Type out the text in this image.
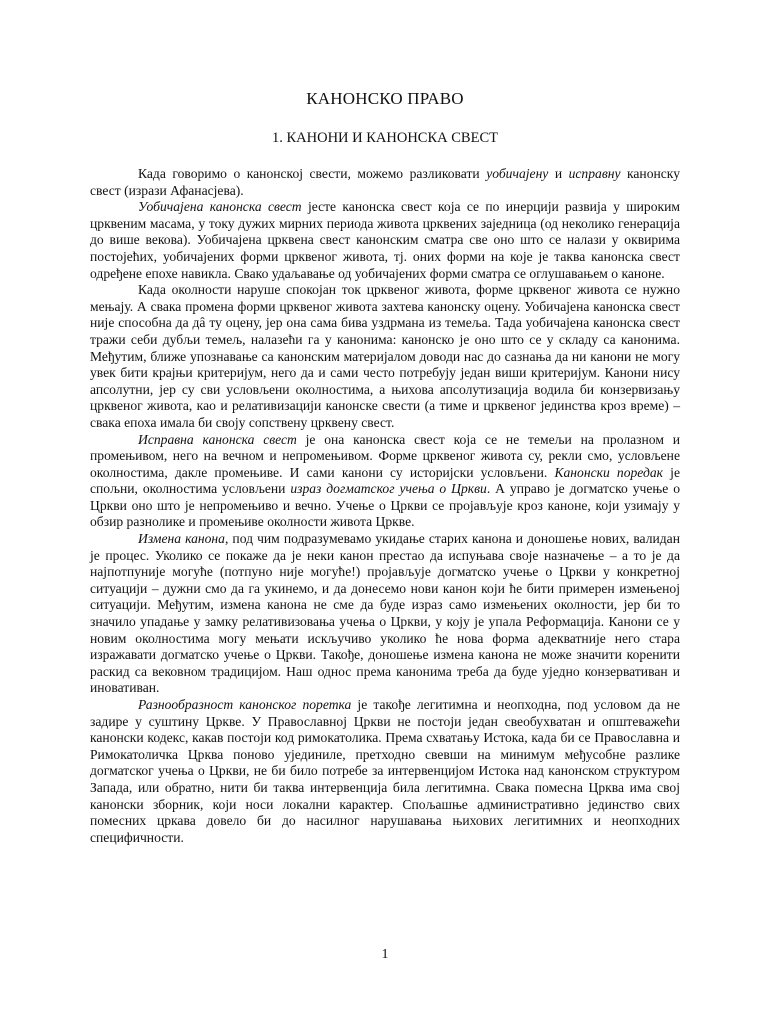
КАНОНСКО ПРАВО
1. КАНОНИ И КАНОНСКА СВЕСТ

Када говоримо о канонској свести, можемо разликовати уобичајену и исправну канонску свест (изрази Афанасјева).

Уобичајена канонска свест јесте канонска свест која се по инерцији развија у широким црквеним масама, у току дужих мирних периода живота црквених заједница (од неколико генерација до више векова). Уобичајена црквена свест канонским сматра све оно што се налази у оквирима постојећих, уобичајених форми црквеног живота, тј. оних форми на које је таква канонска свест одређене епохе навикла. Свако удаљавање од уобичајених форми сматра се оглушавањем о каноне.

Када околности наруше спокојан ток црквеног живота, форме црквеног живота се нужно мењају. А свака промена форми црквеног живота захтева канонску оцену. Уобичајена канонска свест није способна да дâ ту оцену, јер она сама бива уздрмана из темеља. Тада уобичајена канонска свест тражи себи дубљи темељ, налазећи га у канонима: канонско је оно што се у складу са канонима. Међутим, ближе упознавање са канонским материјалом доводи нас до сазнања да ни канони не могу увек бити крајњи критеријум, него да и сами често потребују један виши критеријум. Канони нису апсолутни, јер су сви условљени околностима, а њихова апсолутизација водила би конзервизању црквеног живота, као и релативизацији канонске свести (а тиме и црквеног јединства кроз време) – свака епоха имала би своју сопствену црквену свест.

Исправна канонска свест је она канонска свест која се не темељи на пролазном и промењивом, него на вечном и непромењивом. Форме црквеног живота су, рекли смо, условљене околностима, дакле промењиве. И сами канони су историјски условљени. Канонски поредак је спољни, околностима условљени израз догматског учења о Цркви. А управо је догматско учење о Цркви оно што је непромењиво и вечно. Учење о Цркви се пројављује кроз каноне, који узимају у обзир разнолике и промењиве околности живота Цркве.

Измена канона, под чим подразумевамо укидање старих канона и доношење нових, валидан је процес. Уколико се покаже да је неки канон престао да испуњава своје назначење – а то је да најпотпуније могуће (потпуно није могуће!) пројављује догматско учење о Цркви у конкретној ситуацији – дужни смо да га укинемо, и да донесемо нови канон који ће бити примерен измењеној ситуацији. Међутим, измена канона не сме да буде израз само измењених околности, јер би то значило упадање у замку релативизовања учења о Цркви, у коју је упала Реформација. Канони се у новим околностима могу мењати искључиво уколико ће нова форма адекватније него стара изражавати догматско учење о Цркви. Такође, доношење измена канона не може значити коренити раскид са вековном традицијом. Наш однос према канонима треба да буде уједно конзервативан и иновативан.

Разнообразност канонског поретка је такође легитимна и неопходна, под условом да не задире у суштину Цркве. У Православној Цркви не постоји један свеобухватан и општеважећи канонски кодекс, какав постоји код римокатолика. Према схватању Истока, када би се Православна и Римокатоличка Црква поново ујединиле, претходно свевши на минимум међусобне разлике догматског учења о Цркви, не би било потребе за интервенцијом Истока над канонском структуром Запада, или обратно, нити би таква интервенција била легитимна. Свака помесна Црква има свој канонски зборник, који носи локални карактер. Спољашње административно јединство свих помесних цркава довело би до насилног нарушавања њихових легитимних и неопходних специфичности.

1
